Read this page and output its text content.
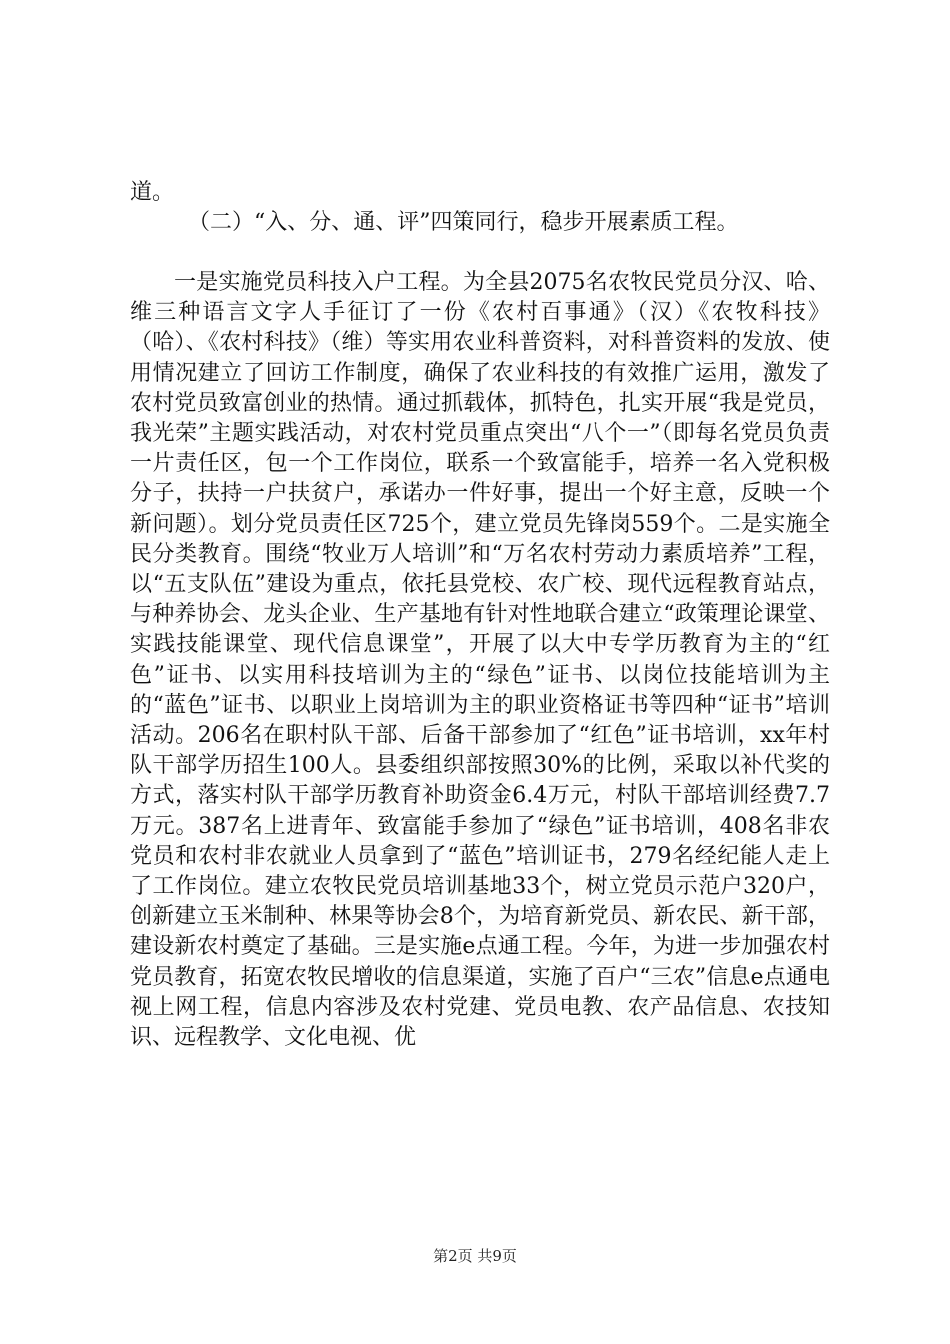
道。

（二）“入、分、通、评”四策同行，稳步开展素质工程。

一是实施党员科技入户工程。为全县2075名农牧民党员分汉、哈、维三种语言文字人手征订了一份《农村百事通》（汉）《农牧科技》（哈）、《农村科技》（维）等实用农业科普资料，对科普资料的发放、使用情况建立了回访工作制度，确保了农业科技的有效推广运用，激发了农村党员致富创业的热情。通过抓载体，抓特色，扎实开展“我是党员，我光荣”主题实践活动，对农村党员重点突出“八个一”（即每名党员负责一片责任区，包一个工作岗位，联系一个致富能手，培养一名入党积极分子，扶持一户扶贫户，承诺办一件好事，提出一个好主意，反映一个新问题）。划分党员责任区725个，建立党员先锋岗559个。二是实施全民分类教育。围绕“牧业万人培训”和“万名农村劳动力素质培养”工程，以“五支队伍”建设为重点，依托县党校、农广校、现代远程教育站点，与种养协会、龙头企业、生产基地有针对性地联合建立“政策理论课堂、实践技能课堂、现代信息课堂”，开展了以大中专学历教育为主的“红色”证书、以实用科技培训为主的“绿色”证书、以岗位技能培训为主的“蓝色”证书、以职业上岗培训为主的职业资格证书等四种“证书”培训活动。206名在职村队干部、后备干部参加了“红色”证书培训，xx年村队干部学历招生100人。县委组织部按照30%的比例，采取以补代奖的方式，落实村队干部学历教育补助资金6.4万元，村队干部培训经费7.7万元。387名上进青年、致富能手参加了“绿色”证书培训，408名非农党员和农村非农就业人员拿到了“蓝色”培训证书，279名经纪能人走上了工作岗位。建立农牧民党员培训基地33个，树立党员示范户320户，创新建立玉米制种、林果等协会8个，为培育新党员、新农民、新干部，建设新农村奠定了基础。三是实施e点通工程。今年，为进一步加强农村党员教育，拓宽农牧民增收的信息渠道，实施了百户“三农”信息e点通电视上网工程，信息内容涉及农村党建、党员电教、农产品信息、农技知识、远程教学、文化电视、优

第2页 共9页
